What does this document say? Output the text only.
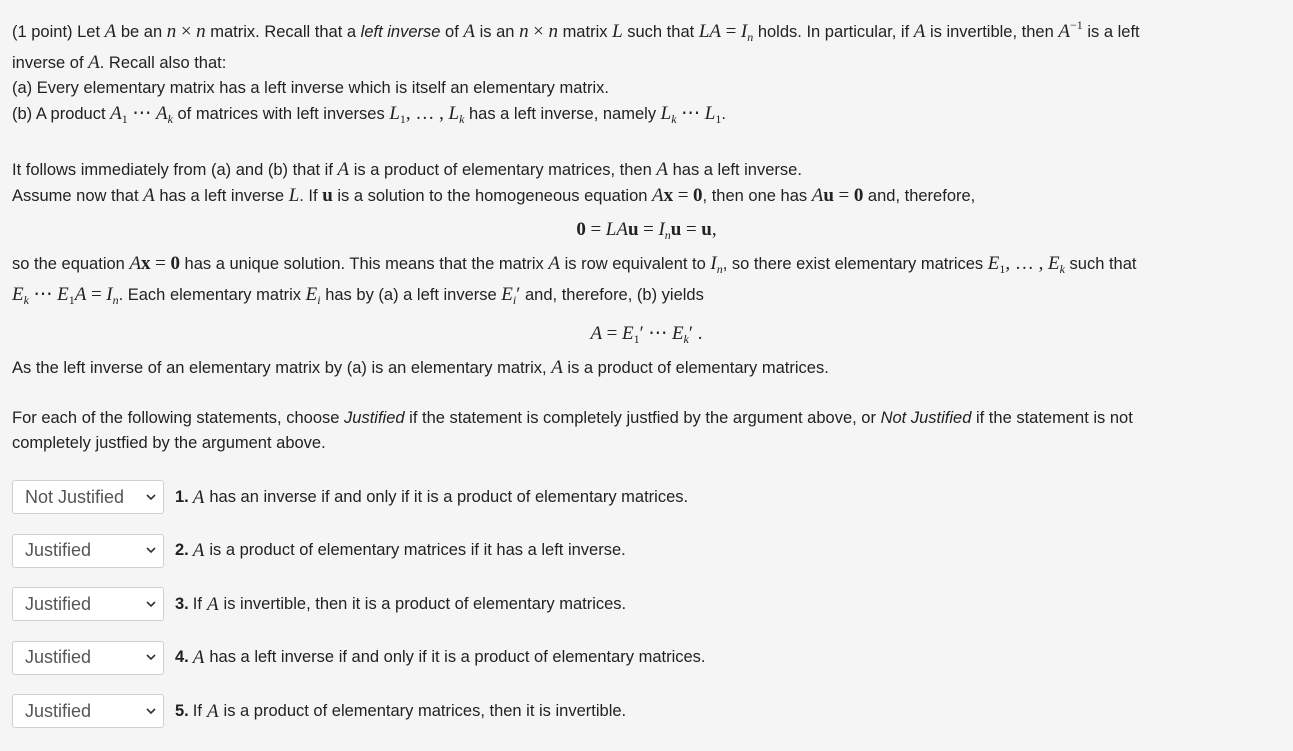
(1 point) Let A be an n × n matrix. Recall that a left inverse of A is an n × n matrix L such that LA = $I_n$ holds. In particular, if A is invertible, then $A^{-1}$ is a left
inverse of A. Recall also that:
(a) Every elementary matrix has a left inverse which is itself an elementary matrix.
(b) A product $A_1$ ⋯ $A_k$ of matrices with left inverses $L_1$, … , $L_k$ has a left inverse, namely $L_k$ ⋯ $L_1$.

It follows immediately from (a) and (b) that if A is a product of elementary matrices, then A has a left inverse.
Assume now that A has a left inverse L. If u is a solution to the homogeneous equation Ax = 0, then one has Au = 0 and, therefore,

0 = LAu = $I_nu = u$,

so the equation Ax = 0 has a unique solution. This means that the matrix A is row equivalent to $I_n$, so there exist elementary matrices $E_1$, … , $E_k$ such that
$E_k$ ⋯ $E_1A = I_n$. Each elementary matrix $E_i$ has by (a) a left inverse $E_i'$ and, therefore, (b) yields

$A = E_1'$ ⋯ $E_k'$ .

As the left inverse of an elementary matrix by (a) is an elementary matrix, A is a product of elementary matrices.

For each of the following statements, choose Justified if the statement is completely justfied by the argument above, or Not Justified if the statement is not
completely justfied by the argument above.

Not Justified	1. A has an inverse if and only if it is a product of elementary matrices.
Justified	2. A is a product of elementary matrices if it has a left inverse.
Justified	3. If A is invertible, then it is a product of elementary matrices.
Justified	4. A has a left inverse if and only if it is a product of elementary matrices.
Justified	5. If A is a product of elementary matrices, then it is invertible.
